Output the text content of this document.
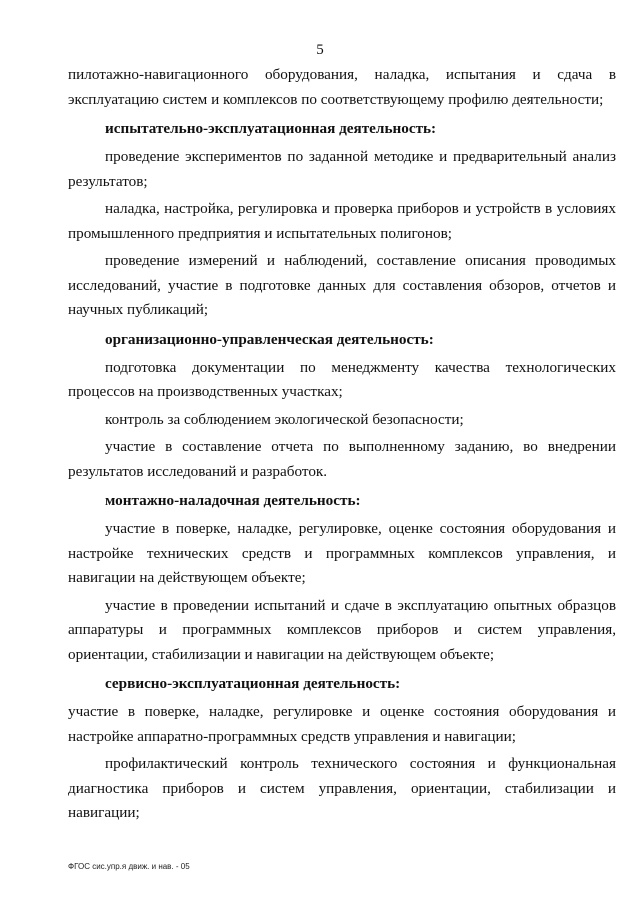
5

пилотажно-навигационного оборудования, наладка, испытания и сдача в эксплуатацию систем и комплексов по соответствующему профилю деятельности;

испытательно-эксплуатационная деятельность:

проведение экспериментов по заданной методике и предварительный анализ результатов;

наладка, настройка, регулировка и проверка приборов и устройств в условиях промышленного предприятия и испытательных полигонов;

проведение измерений и наблюдений, составление описания проводимых исследований, участие в подготовке данных для составления обзоров, отчетов и научных публикаций;

организационно-управленческая деятельность:

подготовка документации по менеджменту качества технологических процессов на производственных участках;

контроль за соблюдением экологической безопасности;

участие в составление отчета по выполненному заданию, во внедрении результатов исследований и разработок.

монтажно-наладочная деятельность:

участие в поверке, наладке, регулировке, оценке состояния оборудования и настройке технических средств и программных комплексов управления, и навигации на действующем объекте;

участие в проведении испытаний и сдаче в эксплуатацию опытных образцов аппаратуры и программных комплексов приборов и систем управления, ориентации, стабилизации и навигации на действующем объекте;

сервисно-эксплуатационная деятельность:

участие в поверке, наладке, регулировке и оценке состояния оборудования и настройке аппаратно-программных средств управления и навигации;

профилактический контроль технического состояния и функциональная диагностика приборов и систем управления, ориентации, стабилизации и навигации;

ФГОС сис.упр.я движ. и нав. - 05
